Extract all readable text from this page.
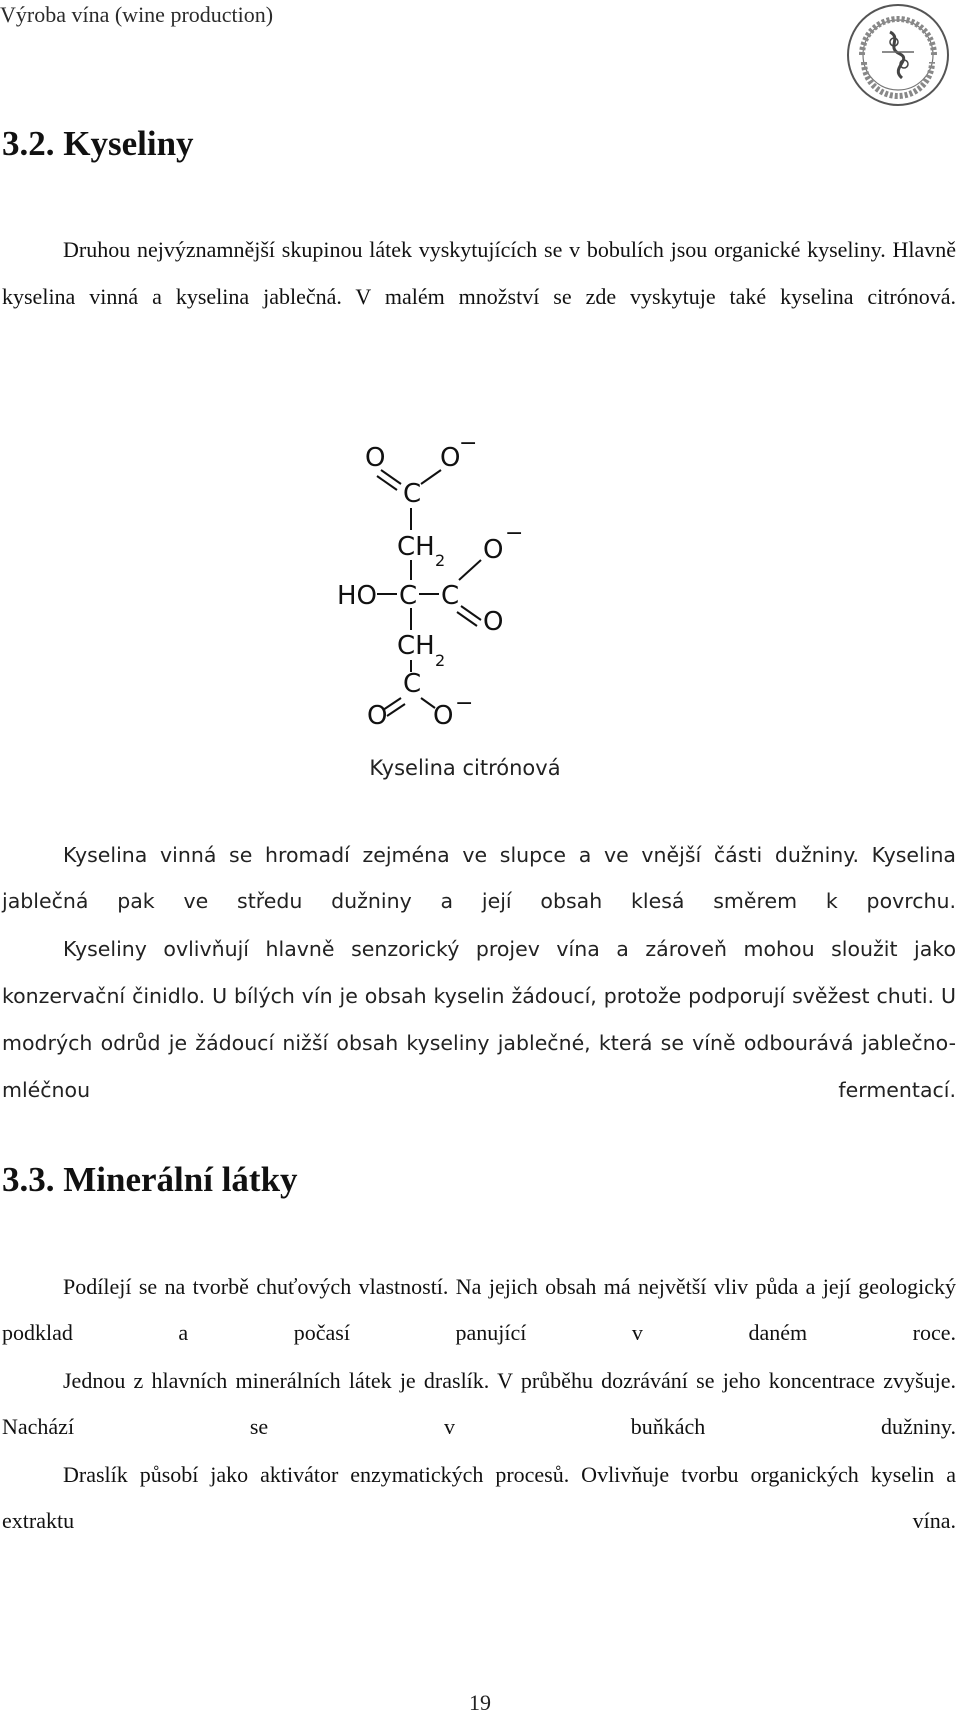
Výroba vína (wine production)
3.2. Kyseliny

Druhou nejvýznamnější skupinou látek vyskytujících se v bobulích jsou organické kyseliny. Hlavně kyselina vinná a kyselina jablečná. V malém množství se zde vyskytuje také kyselina citrónová.

O O
−
C
CH 2 O
−
HO C C
O
CH 2
C
O O −
Kyselina citrónová

Kyselina vinná se hromadí zejména ve slupce a ve vnější části dužniny. Kyselina jablečná pak ve středu dužniny a její obsah klesá směrem k povrchu.

Kyseliny ovlivňují hlavně senzorický projev vína a zároveň mohou sloužit jako konzervační činidlo. U bílých vín je obsah kyselin žádoucí, protože podporují svěžest chuti. U modrých odrůd je žádoucí nižší obsah kyseliny jablečné, která se víně odbourává jablečno-mléčnou fermentací.

3.3. Minerální látky

Podílejí se na tvorbě chuťových vlastností. Na jejich obsah má největší vliv půda a její geologický podklad a počasí panující v daném roce.

Jednou z hlavních minerálních látek je draslík. V průběhu dozrávání se jeho koncentrace zvyšuje. Nachází se v buňkách dužniny.

Draslík působí jako aktivátor enzymatických procesů. Ovlivňuje tvorbu organických kyselin a extraktu vína.

19
